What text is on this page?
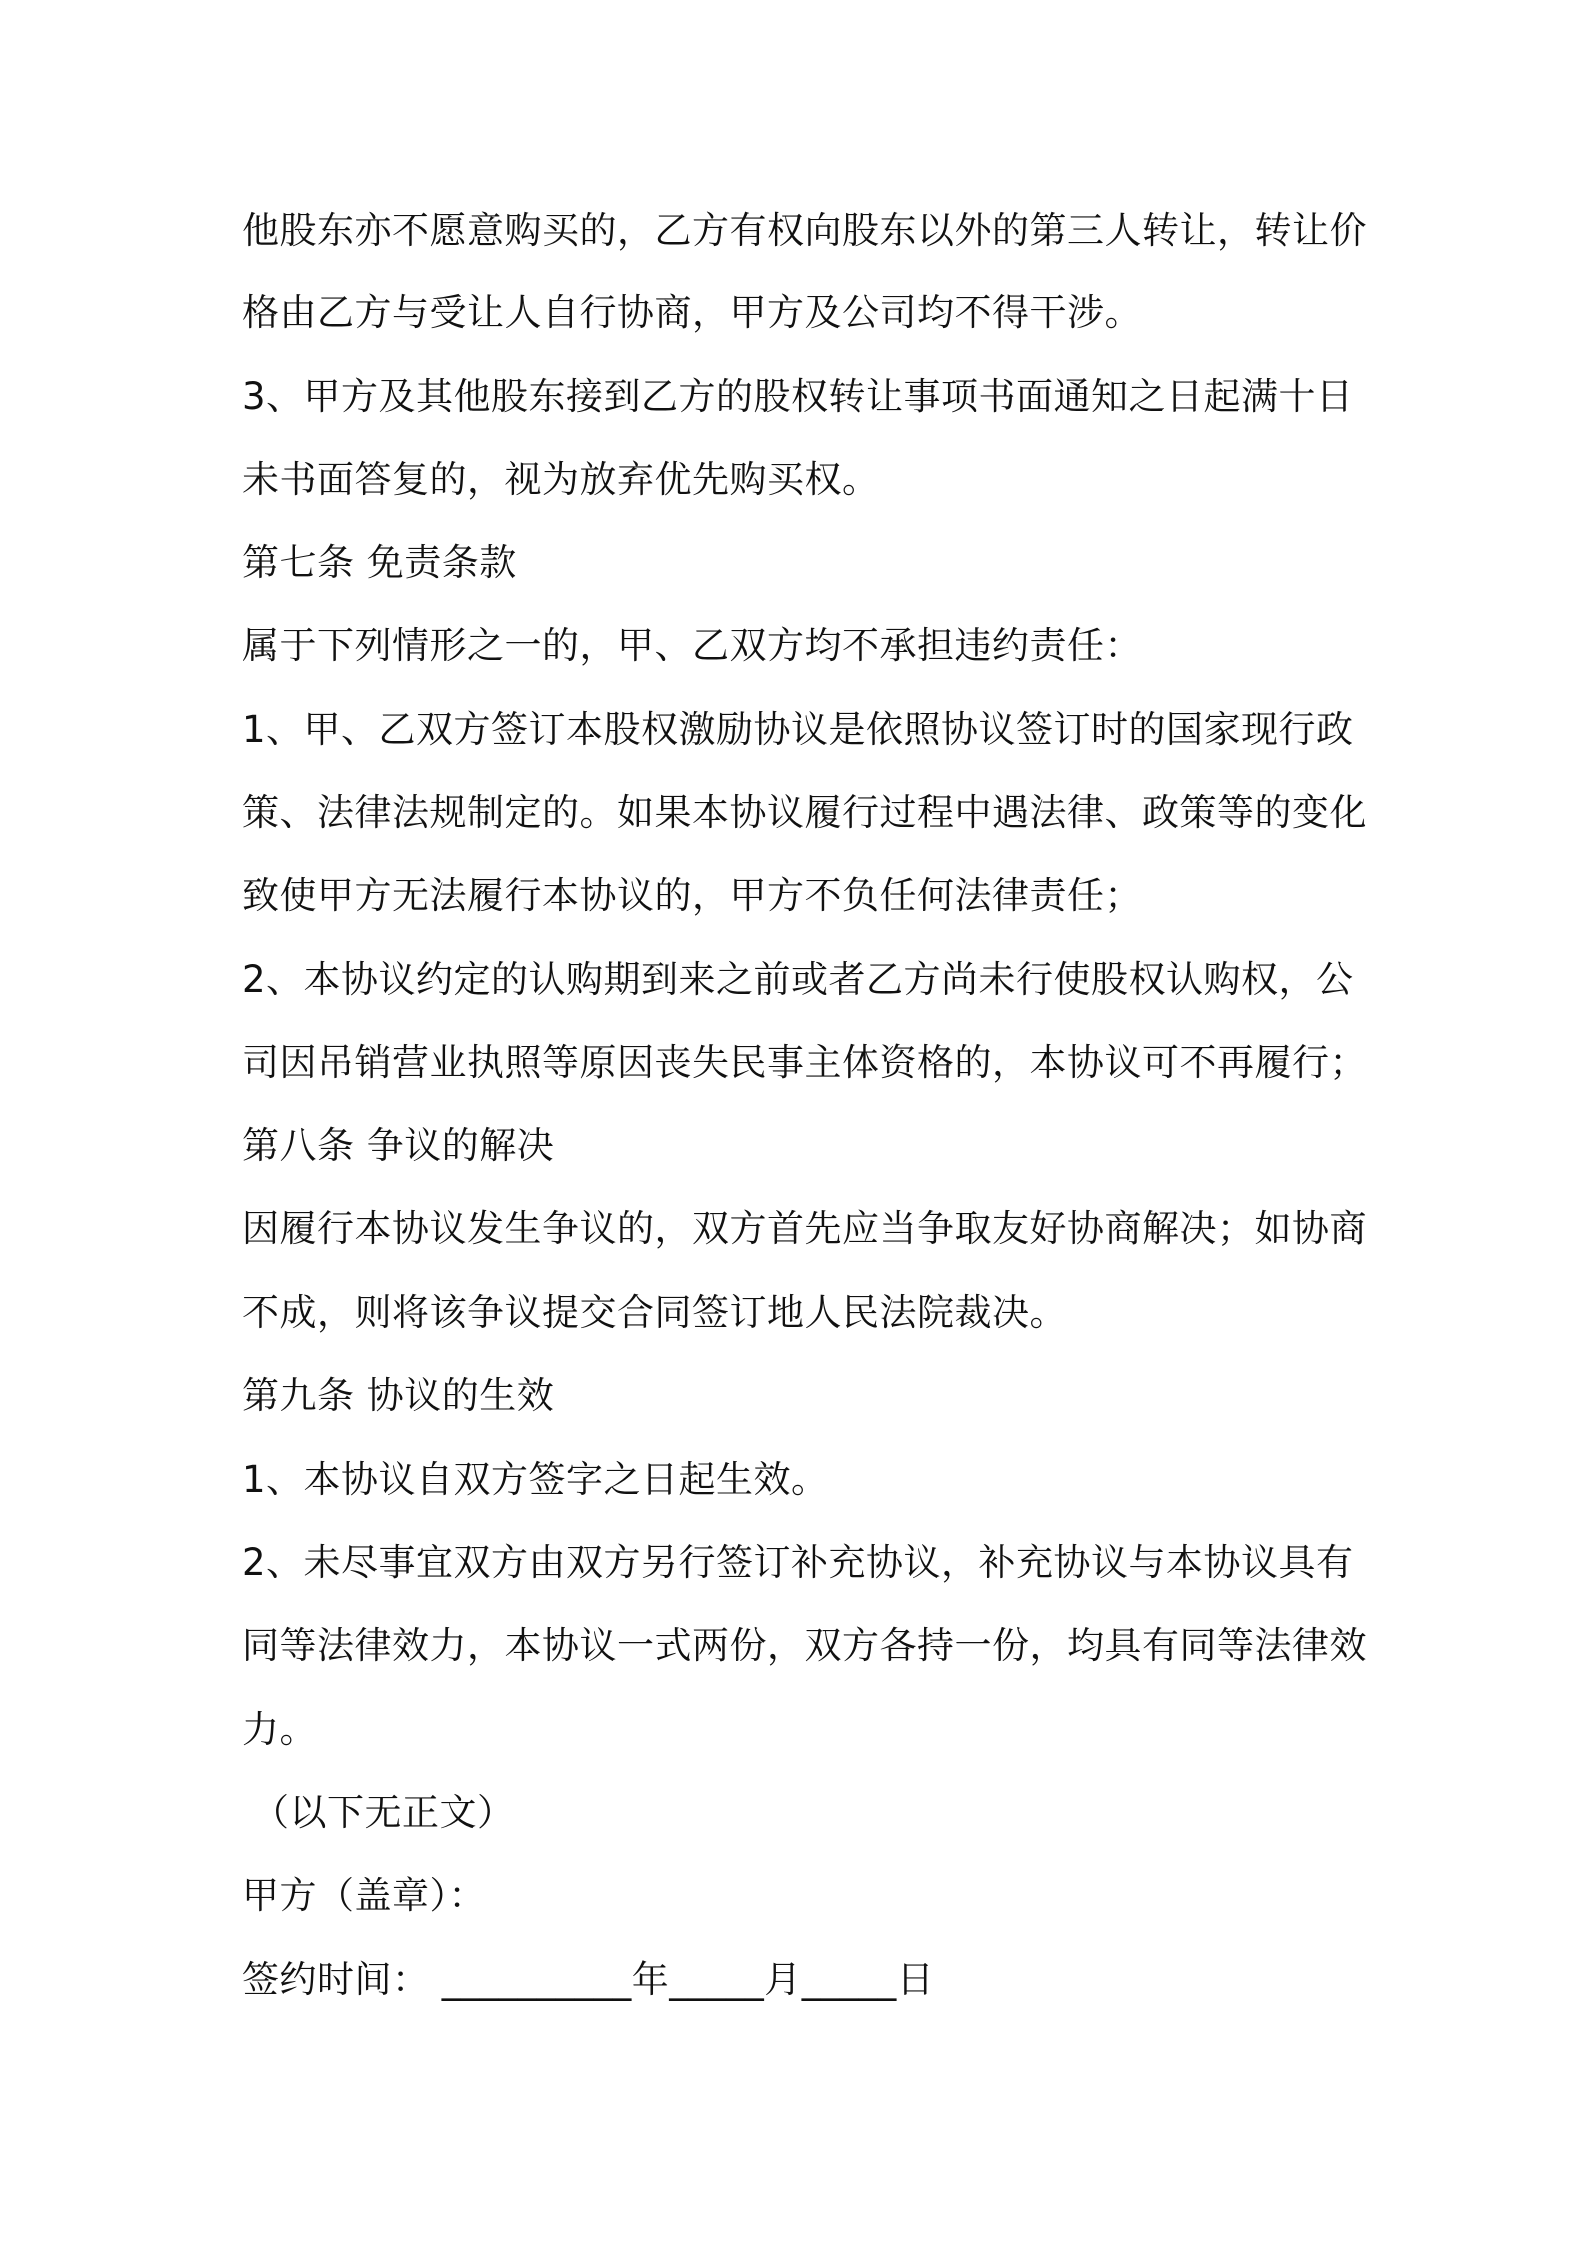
他股东亦不愿意购买的，乙方有权向股东以外的第三人转让，转让价
格由乙方与受让人自行协商，甲方及公司均不得干涉。
3、甲方及其他股东接到乙方的股权转让事项书面通知之日起满十日
未书面答复的，视为放弃优先购买权。
第七条 免责条款
属于下列情形之一的，甲、乙双方均不承担违约责任：
1、甲、乙双方签订本股权激励协议是依照协议签订时的国家现行政
策、法律法规制定的。如果本协议履行过程中遇法律、政策等的变化
致使甲方无法履行本协议的，甲方不负任何法律责任；
2、本协议约定的认购期到来之前或者乙方尚未行使股权认购权，公
司因吊销营业执照等原因丧失民事主体资格的，本协议可不再履行；
第八条 争议的解决
因履行本协议发生争议的，双方首先应当争取友好协商解决；如协商
不成，则将该争议提交合同签订地人民法院裁决。
第九条 协议的生效
1、本协议自双方签字之日起生效。
2、未尽事宜双方由双方另行签订补充协议，补充协议与本协议具有
同等法律效力，本协议一式两份，双方各持一份，均具有同等法律效
力。
（以下无正文）
甲方（盖章）：
签约时间： __________年_____月_____日
